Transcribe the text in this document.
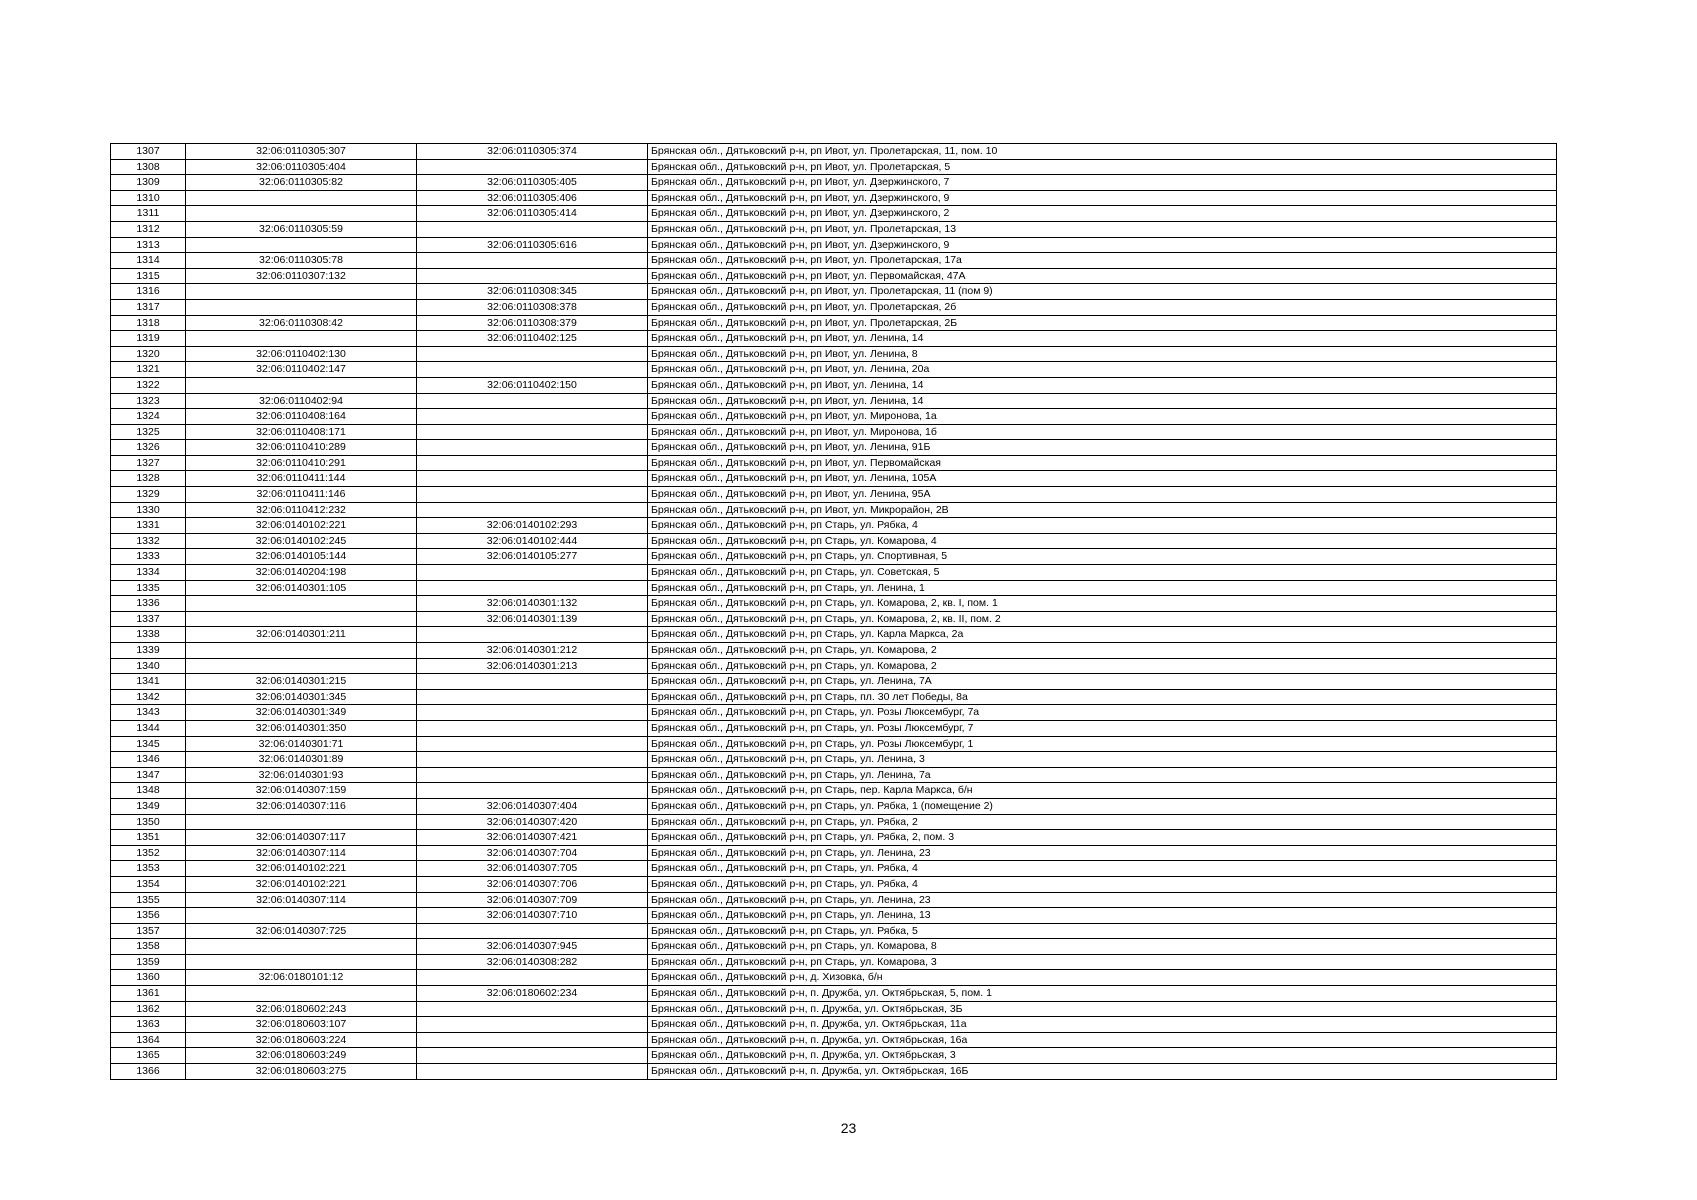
1307	32:06:0110305:307	32:06:0110305:374	Брянская обл., Дятьковский р-н, рп Ивот, ул. Пролетарская, 11, пом. 10
1308	32:06:0110305:404		Брянская обл., Дятьковский р-н, рп Ивот, ул. Пролетарская, 5
1309	32:06:0110305:82	32:06:0110305:405	Брянская обл., Дятьковский р-н, рп Ивот, ул. Дзержинского, 7
1310		32:06:0110305:406	Брянская обл., Дятьковский р-н, рп Ивот, ул. Дзержинского, 9
1311		32:06:0110305:414	Брянская обл., Дятьковский р-н, рп Ивот, ул. Дзержинского, 2
1312	32:06:0110305:59		Брянская обл., Дятьковский р-н, рп Ивот, ул. Пролетарская, 13
1313		32:06:0110305:616	Брянская обл., Дятьковский р-н, рп Ивот, ул. Дзержинского, 9
1314	32:06:0110305:78		Брянская обл., Дятьковский р-н, рп Ивот, ул. Пролетарская, 17а
1315	32:06:0110307:132		Брянская обл., Дятьковский р-н, рп Ивот, ул. Первомайская, 47А
1316		32:06:0110308:345	Брянская обл., Дятьковский р-н, рп Ивот, ул. Пролетарская, 11 (пом 9)
1317		32:06:0110308:378	Брянская обл., Дятьковский р-н, рп Ивот, ул. Пролетарская, 2б
1318	32:06:0110308:42	32:06:0110308:379	Брянская обл., Дятьковский р-н, рп Ивот, ул. Пролетарская, 2Б
1319		32:06:0110402:125	Брянская обл., Дятьковский р-н, рп Ивот, ул. Ленина, 14
1320	32:06:0110402:130		Брянская обл., Дятьковский р-н, рп Ивот, ул. Ленина, 8
1321	32:06:0110402:147		Брянская обл., Дятьковский р-н, рп Ивот, ул. Ленина, 20а
1322		32:06:0110402:150	Брянская обл., Дятьковский р-н, рп Ивот, ул. Ленина, 14
1323	32:06:0110402:94		Брянская обл., Дятьковский р-н, рп Ивот, ул. Ленина, 14
1324	32:06:0110408:164		Брянская обл., Дятьковский р-н, рп Ивот, ул. Миронова, 1а
1325	32:06:0110408:171		Брянская обл., Дятьковский р-н, рп Ивот, ул. Миронова, 1б
1326	32:06:0110410:289		Брянская обл., Дятьковский р-н, рп Ивот, ул. Ленина, 91Б
1327	32:06:0110410:291		Брянская обл., Дятьковский р-н, рп Ивот, ул. Первомайская
1328	32:06:0110411:144		Брянская обл., Дятьковский р-н, рп Ивот, ул. Ленина, 105А
1329	32:06:0110411:146		Брянская обл., Дятьковский р-н, рп Ивот, ул. Ленина, 95А
1330	32:06:0110412:232		Брянская обл., Дятьковский р-н, рп Ивот, ул. Микрорайон, 2В
1331	32:06:0140102:221	32:06:0140102:293	Брянская обл., Дятьковский р-н, рп Старь, ул. Рябка, 4
1332	32:06:0140102:245	32:06:0140102:444	Брянская обл., Дятьковский р-н, рп Старь, ул. Комарова, 4
1333	32:06:0140105:144	32:06:0140105:277	Брянская обл., Дятьковский р-н, рп Старь, ул. Спортивная, 5
1334	32:06:0140204:198		Брянская обл., Дятьковский р-н, рп Старь, ул. Советская, 5
1335	32:06:0140301:105		Брянская обл., Дятьковский р-н, рп Старь, ул. Ленина, 1
1336		32:06:0140301:132	Брянская обл., Дятьковский р-н, рп Старь, ул. Комарова, 2, кв. I, пом. 1
1337		32:06:0140301:139	Брянская обл., Дятьковский р-н, рп Старь, ул. Комарова, 2, кв. II, пом. 2
1338	32:06:0140301:211		Брянская обл., Дятьковский р-н, рп Старь, ул. Карла Маркса, 2а
1339		32:06:0140301:212	Брянская обл., Дятьковский р-н, рп Старь, ул. Комарова, 2
1340		32:06:0140301:213	Брянская обл., Дятьковский р-н, рп Старь, ул. Комарова, 2
1341	32:06:0140301:215		Брянская обл., Дятьковский р-н, рп Старь, ул. Ленина, 7А
1342	32:06:0140301:345		Брянская обл., Дятьковский р-н, рп Старь, пл. 30 лет Победы, 8а
1343	32:06:0140301:349		Брянская обл., Дятьковский р-н, рп Старь, ул. Розы Люксембург, 7а
1344	32:06:0140301:350		Брянская обл., Дятьковский р-н, рп Старь, ул. Розы Люксембург, 7
1345	32:06:0140301:71		Брянская обл., Дятьковский р-н, рп Старь, ул. Розы Люксембург, 1
1346	32:06:0140301:89		Брянская обл., Дятьковский р-н, рп Старь, ул. Ленина, 3
1347	32:06:0140301:93		Брянская обл., Дятьковский р-н, рп Старь, ул. Ленина, 7а
1348	32:06:0140307:159		Брянская обл., Дятьковский р-н, рп Старь, пер. Карла Маркса, б/н
1349	32:06:0140307:116	32:06:0140307:404	Брянская обл., Дятьковский р-н, рп Старь, ул. Рябка, 1 (помещение 2)
1350		32:06:0140307:420	Брянская обл., Дятьковский р-н, рп Старь, ул. Рябка, 2
1351	32:06:0140307:117	32:06:0140307:421	Брянская обл., Дятьковский р-н, рп Старь, ул. Рябка, 2, пом. 3
1352	32:06:0140307:114	32:06:0140307:704	Брянская обл., Дятьковский р-н, рп Старь, ул. Ленина, 23
1353	32:06:0140102:221	32:06:0140307:705	Брянская обл., Дятьковский р-н, рп Старь, ул. Рябка, 4
1354	32:06:0140102:221	32:06:0140307:706	Брянская обл., Дятьковский р-н, рп Старь, ул. Рябка, 4
1355	32:06:0140307:114	32:06:0140307:709	Брянская обл., Дятьковский р-н, рп Старь, ул. Ленина, 23
1356		32:06:0140307:710	Брянская обл., Дятьковский р-н, рп Старь, ул. Ленина, 13
1357	32:06:0140307:725		Брянская обл., Дятьковский р-н, рп Старь, ул. Рябка, 5
1358		32:06:0140307:945	Брянская обл., Дятьковский р-н, рп Старь, ул. Комарова, 8
1359		32:06:0140308:282	Брянская обл., Дятьковский р-н, рп Старь, ул. Комарова, 3
1360	32:06:0180101:12		Брянская обл., Дятьковский р-н, д. Хизовка, б/н
1361		32:06:0180602:234	Брянская обл., Дятьковский р-н, п. Дружба, ул. Октябрьская, 5, пом. 1
1362	32:06:0180602:243		Брянская обл., Дятьковский р-н, п. Дружба, ул. Октябрьская, 3Б
1363	32:06:0180603:107		Брянская обл., Дятьковский р-н, п. Дружба, ул. Октябрьская, 11а
1364	32:06:0180603:224		Брянская обл., Дятьковский р-н, п. Дружба, ул. Октябрьская, 16а
1365	32:06:0180603:249		Брянская обл., Дятьковский р-н, п. Дружба, ул. Октябрьская, 3
1366	32:06:0180603:275		Брянская обл., Дятьковский р-н, п. Дружба, ул. Октябрьская, 16Б
23
